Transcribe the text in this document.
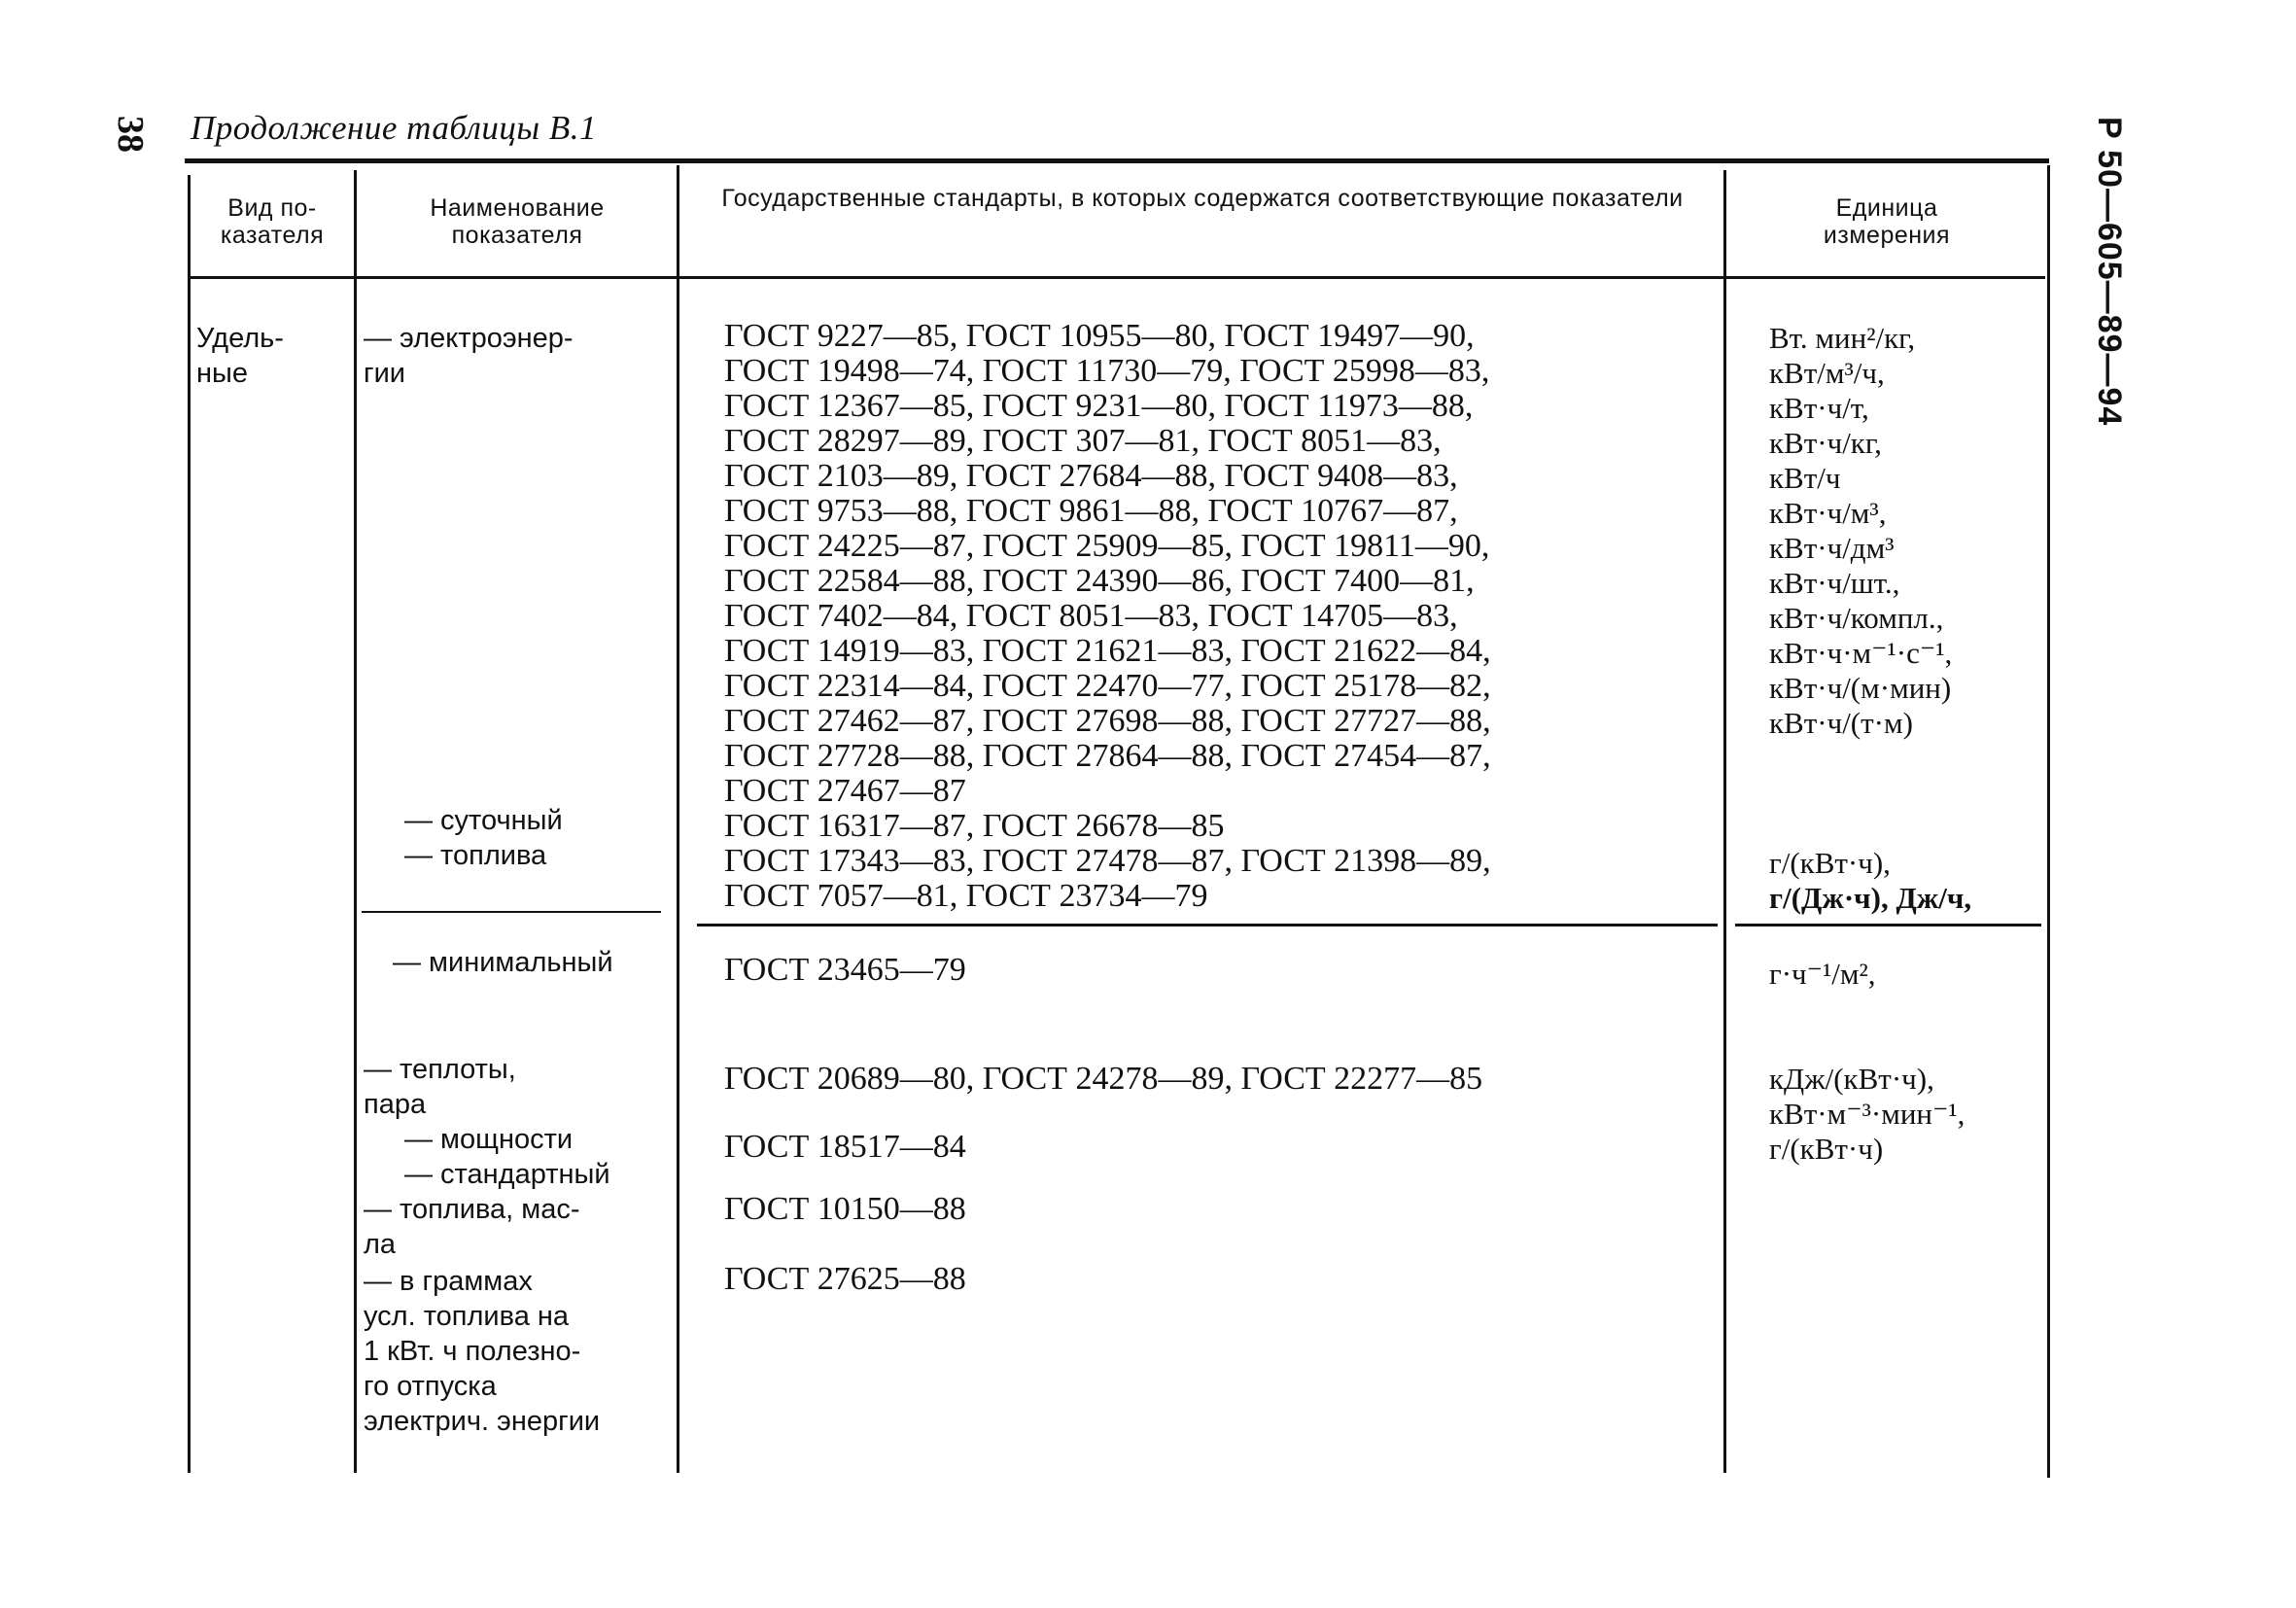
38 Продолжение таблицы В.1	Р 50—605—89—94
Вид по-
казателя
Наименование
показателя
Государственные стандарты, в которых содержатся соответствующие показатели	Единица
измерения
Удель-
ные
— электроэнер-
гии
— суточный
— топлива
— минимальный
— теплоты,
пара
— мощности
— стандартный
— топлива, мас-
ла
— в граммах
усл. топлива на
1 кВт. ч полезно-
го отпуска
электрич. энергии
ГОСТ 9227—85, ГОСТ 10955—80, ГОСТ 19497—90,
ГОСТ 19498—74, ГОСТ 11730—79, ГОСТ 25998—83,
ГОСТ 12367—85, ГОСТ 9231—80, ГОСТ 11973—88,
ГОСТ 28297—89, ГОСТ 307—81, ГОСТ 8051—83,
ГОСТ 2103—89, ГОСТ 27684—88, ГОСТ 9408—83,
ГОСТ 9753—88, ГОСТ 9861—88, ГОСТ 10767—87,
ГОСТ 24225—87, ГОСТ 25909—85, ГОСТ 19811—90,
ГОСТ 22584—88, ГОСТ 24390—86, ГОСТ 7400—81,
ГОСТ 7402—84, ГОСТ 8051—83, ГОСТ 14705—83,
ГОСТ 14919—83, ГОСТ 21621—83, ГОСТ 21622—84,
ГОСТ 22314—84, ГОСТ 22470—77, ГОСТ 25178—82,
ГОСТ 27462—87, ГОСТ 27698—88, ГОСТ 27727—88,
ГОСТ 27728—88, ГОСТ 27864—88, ГОСТ 27454—87,
ГОСТ 27467—87
ГОСТ 16317—87, ГОСТ 26678—85
ГОСТ 17343—83, ГОСТ 27478—87, ГОСТ 21398—89,
ГОСТ 7057—81, ГОСТ 23734—79
ГОСТ 23465—79
ГОСТ 20689—80, ГОСТ 24278—89, ГОСТ 22277—85
ГОСТ 18517—84
ГОСТ 10150—88
ГОСТ 27625—88
Вт. мин²/кг,
кВт/м³/ч,
кВт·ч/т,
кВт·ч/кг,
кВт/ч
кВт·ч/м³,
кВт·ч/дм³
кВт·ч/шт.,
кВт·ч/компл.,
кВт·ч·м⁻¹·с⁻¹,
кВт·ч/(м·мин)
кВт·ч/(т·м)
г/(кВт·ч),
г/(Дж·ч), Дж/ч,
г·ч⁻¹/м²,
кДж/(кВт·ч),
кВт·м⁻³·мин⁻¹,
г/(кВт·ч)
